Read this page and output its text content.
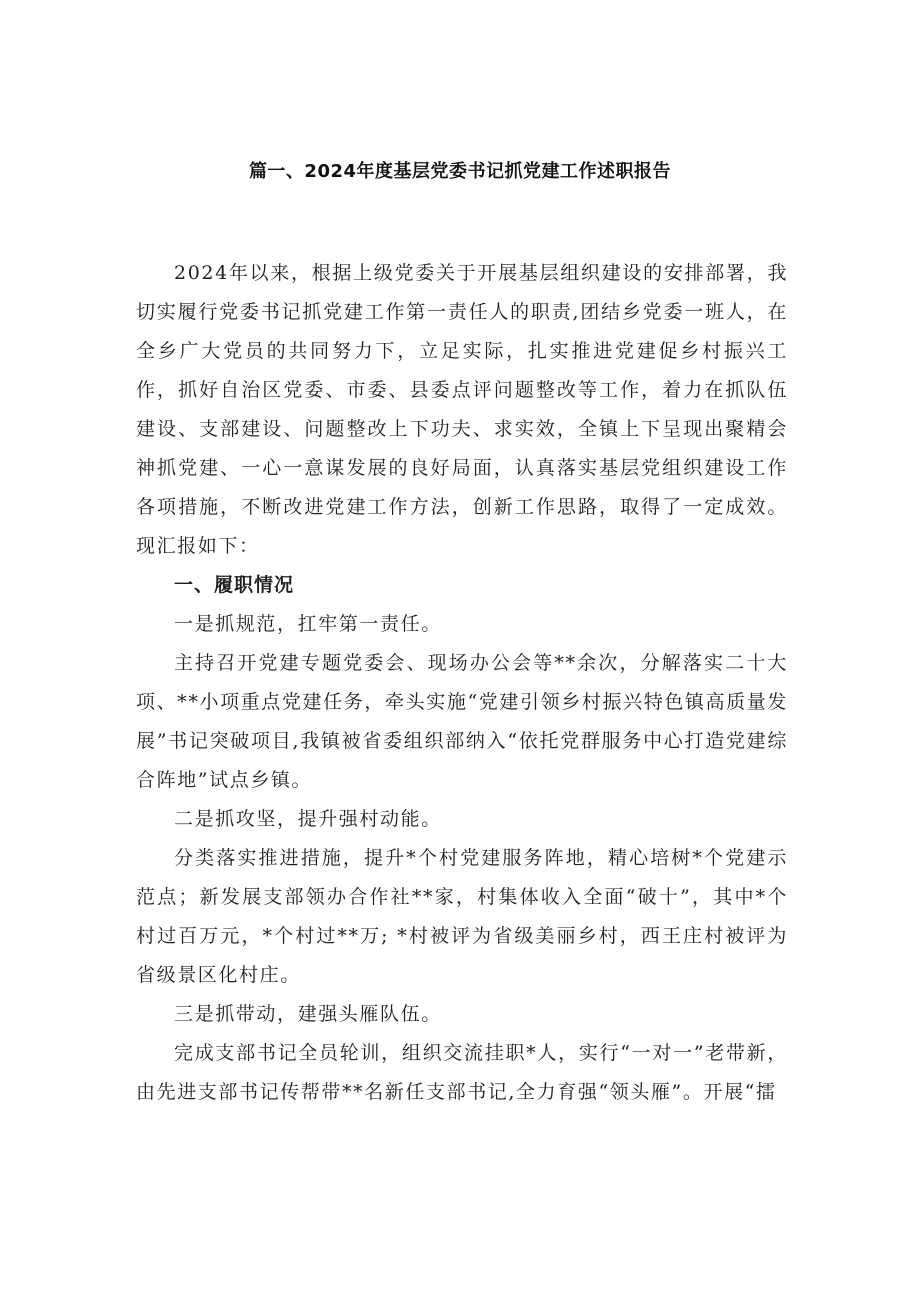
篇一、2024年度基层党委书记抓党建工作述职报告

2024年以来，根据上级党委关于开展基层组织建设的安排部署，我切实履行党委书记抓党建工作第一责任人的职责,团结乡党委一班人，在全乡广大党员的共同努力下，立足实际，扎实推进党建促乡村振兴工作，抓好自治区党委、市委、县委点评问题整改等工作，着力在抓队伍建设、支部建设、问题整改上下功夫、求实效，全镇上下呈现出聚精会神抓党建、一心一意谋发展的良好局面，认真落实基层党组织建设工作各项措施，不断改进党建工作方法，创新工作思路，取得了一定成效。现汇报如下：

一、履职情况

一是抓规范，扛牢第一责任。

主持召开党建专题党委会、现场办公会等**余次，分解落实二十大项、**小项重点党建任务，牵头实施“党建引领乡村振兴特色镇高质量发展”书记突破项目,我镇被省委组织部纳入“依托党群服务中心打造党建综合阵地”试点乡镇。

二是抓攻坚，提升强村动能。

分类落实推进措施，提升*个村党建服务阵地，精心培树*个党建示范点；新发展支部领办合作社**家，村集体收入全面“破十”，其中*个村过百万元，*个村过**万; *村被评为省级美丽乡村，西王庄村被评为省级景区化村庄。

三是抓带动，建强头雁队伍。

完成支部书记全员轮训，组织交流挂职*人，实行“一对一”老带新，由先进支部书记传帮带**名新任支部书记,全力育强“领头雁”。开展“擂
